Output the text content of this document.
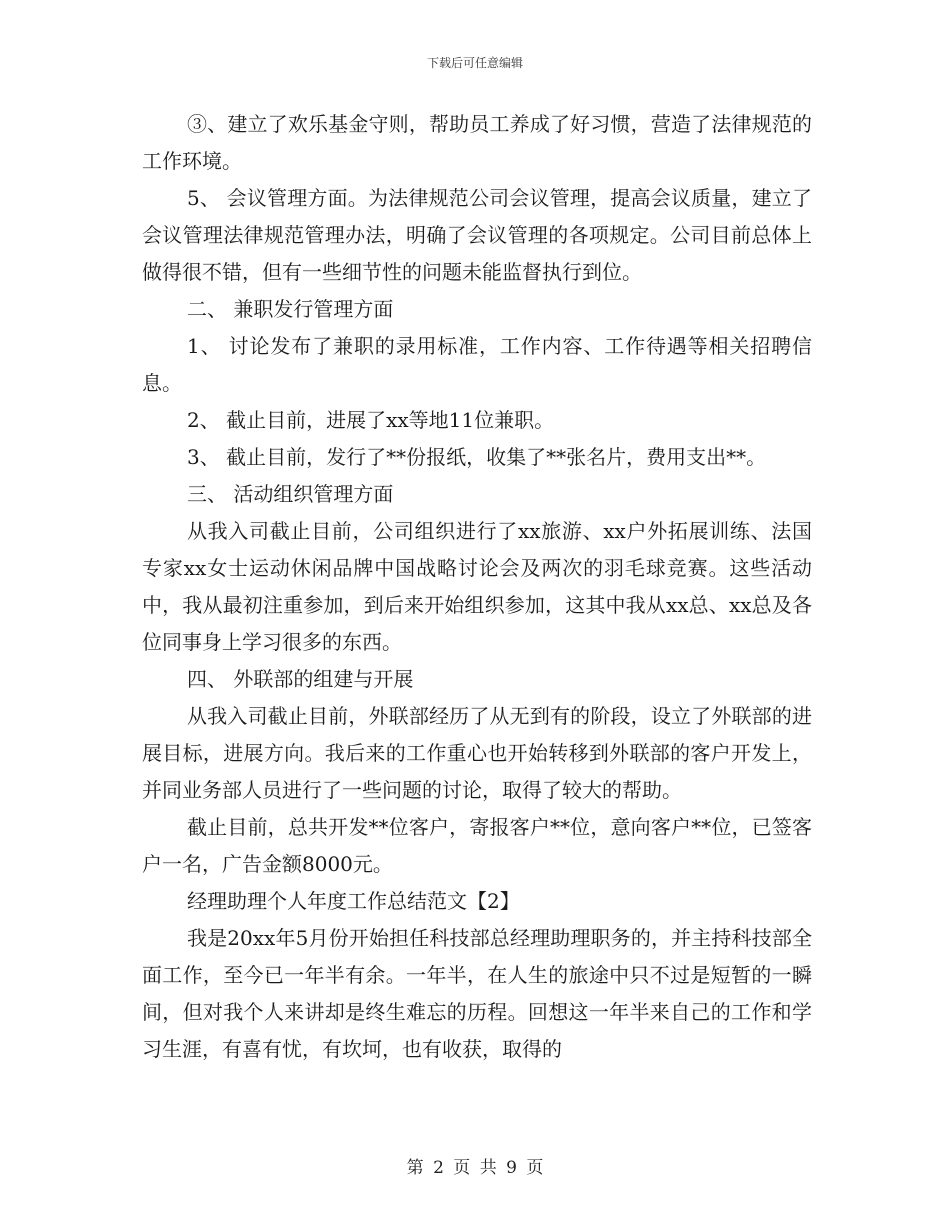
下载后可任意编辑

③、建立了欢乐基金守则，帮助员工养成了好习惯，营造了法律规范的工作环境。

5、 会议管理方面。为法律规范公司会议管理，提高会议质量，建立了会议管理法律规范管理办法，明确了会议管理的各项规定。公司目前总体上做得很不错，但有一些细节性的问题未能监督执行到位。

二、 兼职发行管理方面

1、 讨论发布了兼职的录用标准，工作内容、工作待遇等相关招聘信息。

2、 截止目前，进展了xx等地11位兼职。

3、 截止目前，发行了**份报纸，收集了**张名片，费用支出**。

三、 活动组织管理方面

从我入司截止目前，公司组织进行了xx旅游、xx户外拓展训练、法国专家xx女士运动休闲品牌中国战略讨论会及两次的羽毛球竞赛。这些活动中，我从最初注重参加，到后来开始组织参加，这其中我从xx总、xx总及各位同事身上学习很多的东西。

四、 外联部的组建与开展

从我入司截止目前，外联部经历了从无到有的阶段，设立了外联部的进展目标，进展方向。我后来的工作重心也开始转移到外联部的客户开发上，并同业务部人员进行了一些问题的讨论，取得了较大的帮助。

截止目前，总共开发**位客户，寄报客户**位，意向客户**位，已签客户一名，广告金额8000元。

经理助理个人年度工作总结范文【2】

我是20xx年5月份开始担任科技部总经理助理职务的，并主持科技部全面工作，至今已一年半有余。一年半，在人生的旅途中只不过是短暂的一瞬间，但对我个人来讲却是终生难忘的历程。回想这一年半来自己的工作和学习生涯，有喜有忧，有坎坷，也有收获，取得的

第 2 页 共 9 页
